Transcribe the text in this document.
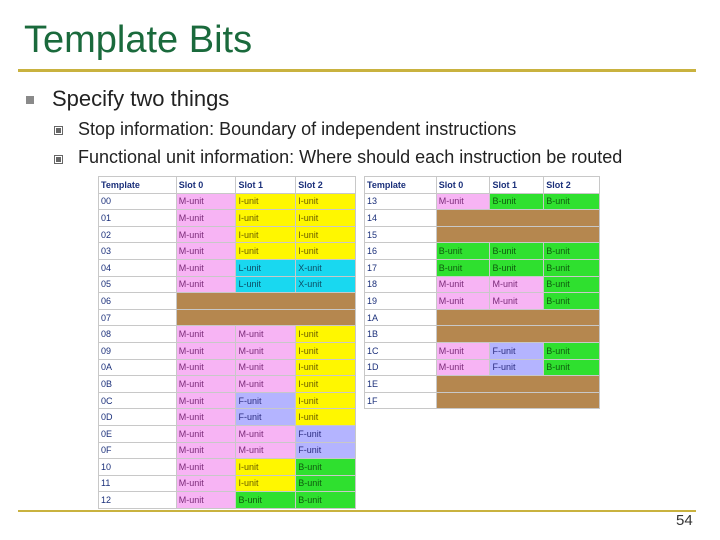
Template Bits
Specify two things
Stop information: Boundary of independent instructions
Functional unit information: Where should each instruction be routed
Template	Slot 0	Slot 1	Slot 2
00	M-unit	I-unit	I-unit
01	M-unit	I-unit	I-unit
02	M-unit	I-unit	I-unit
03	M-unit	I-unit	I-unit
04	M-unit	L-unit	X-unit
05	M-unit	L-unit	X-unit
06			
07			
08	M-unit	M-unit	I-unit
09	M-unit	M-unit	I-unit
0A	M-unit	M-unit	I-unit
0B	M-unit	M-unit	I-unit
0C	M-unit	F-unit	I-unit
0D	M-unit	F-unit	I-unit
0E	M-unit	M-unit	F-unit
0F	M-unit	M-unit	F-unit
10	M-unit	I-unit	B-unit
11	M-unit	I-unit	B-unit
12	M-unit	B-unit	B-unit
Template	Slot 0	Slot 1	Slot 2
13	M-unit	B-unit	B-unit
14			
15			
16	B-unit	B-unit	B-unit
17	B-unit	B-unit	B-unit
18	M-unit	M-unit	B-unit
19	M-unit	M-unit	B-unit
1A			
1B			
1C	M-unit	F-unit	B-unit
1D	M-unit	F-unit	B-unit
1E			
1F			
54
